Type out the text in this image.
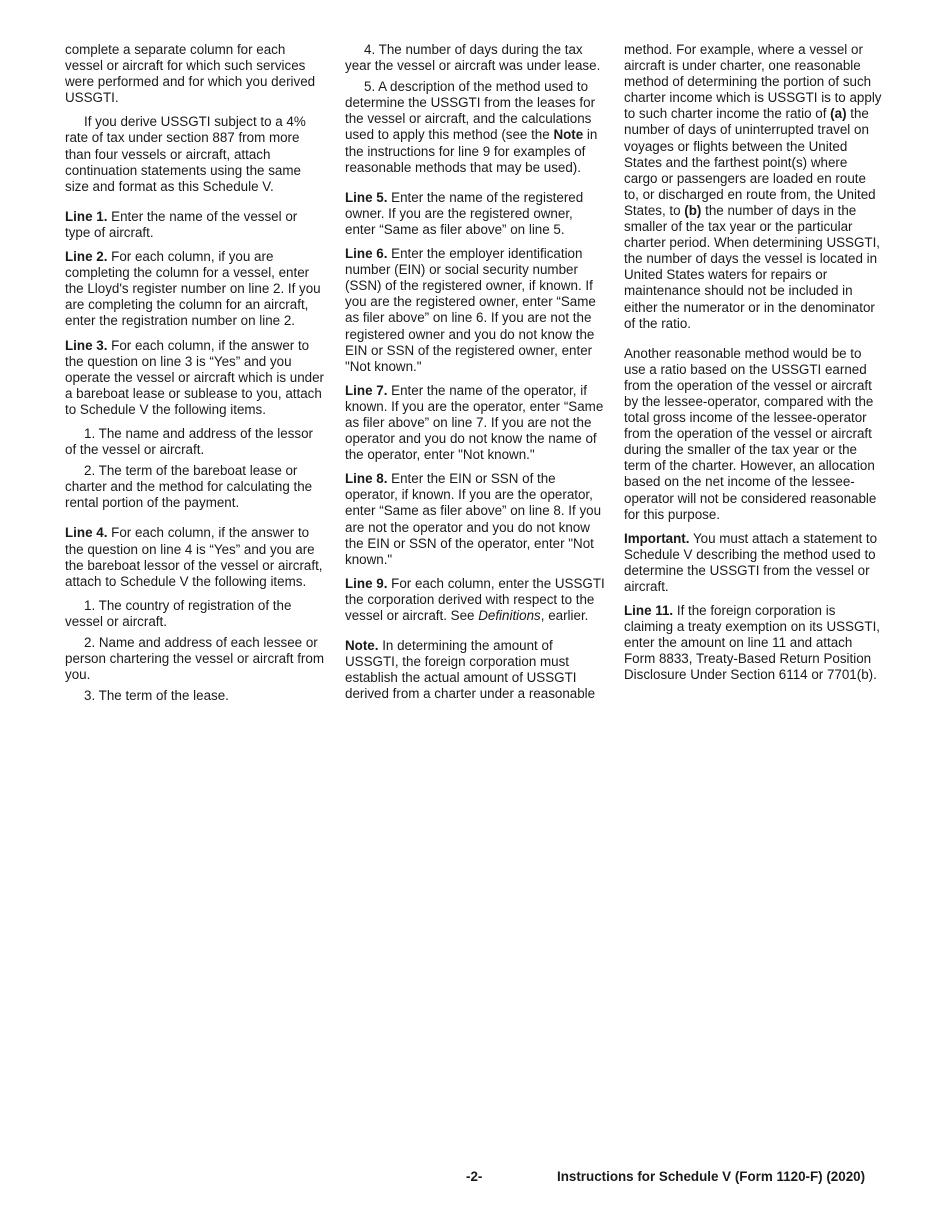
complete a separate column for each vessel or aircraft for which such services were performed and for which you derived USSGTI.

If you derive USSGTI subject to a 4% rate of tax under section 887 from more than four vessels or aircraft, attach continuation statements using the same size and format as this Schedule V.

Line 1. Enter the name of the vessel or type of aircraft.

Line 2. For each column, if you are completing the column for a vessel, enter the Lloyd's register number on line 2. If you are completing the column for an aircraft, enter the registration number on line 2.

Line 3. For each column, if the answer to the question on line 3 is “Yes” and you operate the vessel or aircraft which is under a bareboat lease or sublease to you, attach to Schedule V the following items.

1. The name and address of the lessor of the vessel or aircraft.

2. The term of the bareboat lease or charter and the method for calculating the rental portion of the payment.

Line 4. For each column, if the answer to the question on line 4 is “Yes” and you are the bareboat lessor of the vessel or aircraft, attach to Schedule V the following items.

1. The country of registration of the vessel or aircraft.

2. Name and address of each lessee or person chartering the vessel or aircraft from you.

3. The term of the lease.

4. The number of days during the tax year the vessel or aircraft was under lease.

5. A description of the method used to determine the USSGTI from the leases for the vessel or aircraft, and the calculations used to apply this method (see the Note in the instructions for line 9 for examples of reasonable methods that may be used).

Line 5. Enter the name of the registered owner. If you are the registered owner, enter “Same as filer above” on line 5.

Line 6. Enter the employer identification number (EIN) or social security number (SSN) of the registered owner, if known. If you are the registered owner, enter “Same as filer above” on line 6. If you are not the registered owner and you do not know the EIN or SSN of the registered owner, enter "Not known."

Line 7. Enter the name of the operator, if known. If you are the operator, enter “Same as filer above” on line 7. If you are not the operator and you do not know the name of the operator, enter "Not known."

Line 8. Enter the EIN or SSN of the operator, if known. If you are the operator, enter “Same as filer above” on line 8. If you are not the operator and you do not know the EIN or SSN of the operator, enter "Not known."

Line 9. For each column, enter the USSGTI the corporation derived with respect to the vessel or aircraft. See Definitions, earlier.

Note. In determining the amount of USSGTI, the foreign corporation must establish the actual amount of USSGTI derived from a charter under a reasonable

method. For example, where a vessel or aircraft is under charter, one reasonable method of determining the portion of such charter income which is USSGTI is to apply to such charter income the ratio of (a) the number of days of uninterrupted travel on voyages or flights between the United States and the farthest point(s) where cargo or passengers are loaded en route to, or discharged en route from, the United States, to (b) the number of days in the smaller of the tax year or the particular charter period. When determining USSGTI, the number of days the vessel is located in United States waters for repairs or maintenance should not be included in either the numerator or in the denominator of the ratio.

Another reasonable method would be to use a ratio based on the USSGTI earned from the operation of the vessel or aircraft by the lessee-operator, compared with the total gross income of the lessee-operator from the operation of the vessel or aircraft during the smaller of the tax year or the term of the charter. However, an allocation based on the net income of the lessee-operator will not be considered reasonable for this purpose.

Important. You must attach a statement to Schedule V describing the method used to determine the USSGTI from the vessel or aircraft.

Line 11. If the foreign corporation is claiming a treaty exemption on its USSGTI, enter the amount on line 11 and attach Form 8833, Treaty-Based Return Position Disclosure Under Section 6114 or 7701(b).

-2-	Instructions for Schedule V (Form 1120-F) (2020)
